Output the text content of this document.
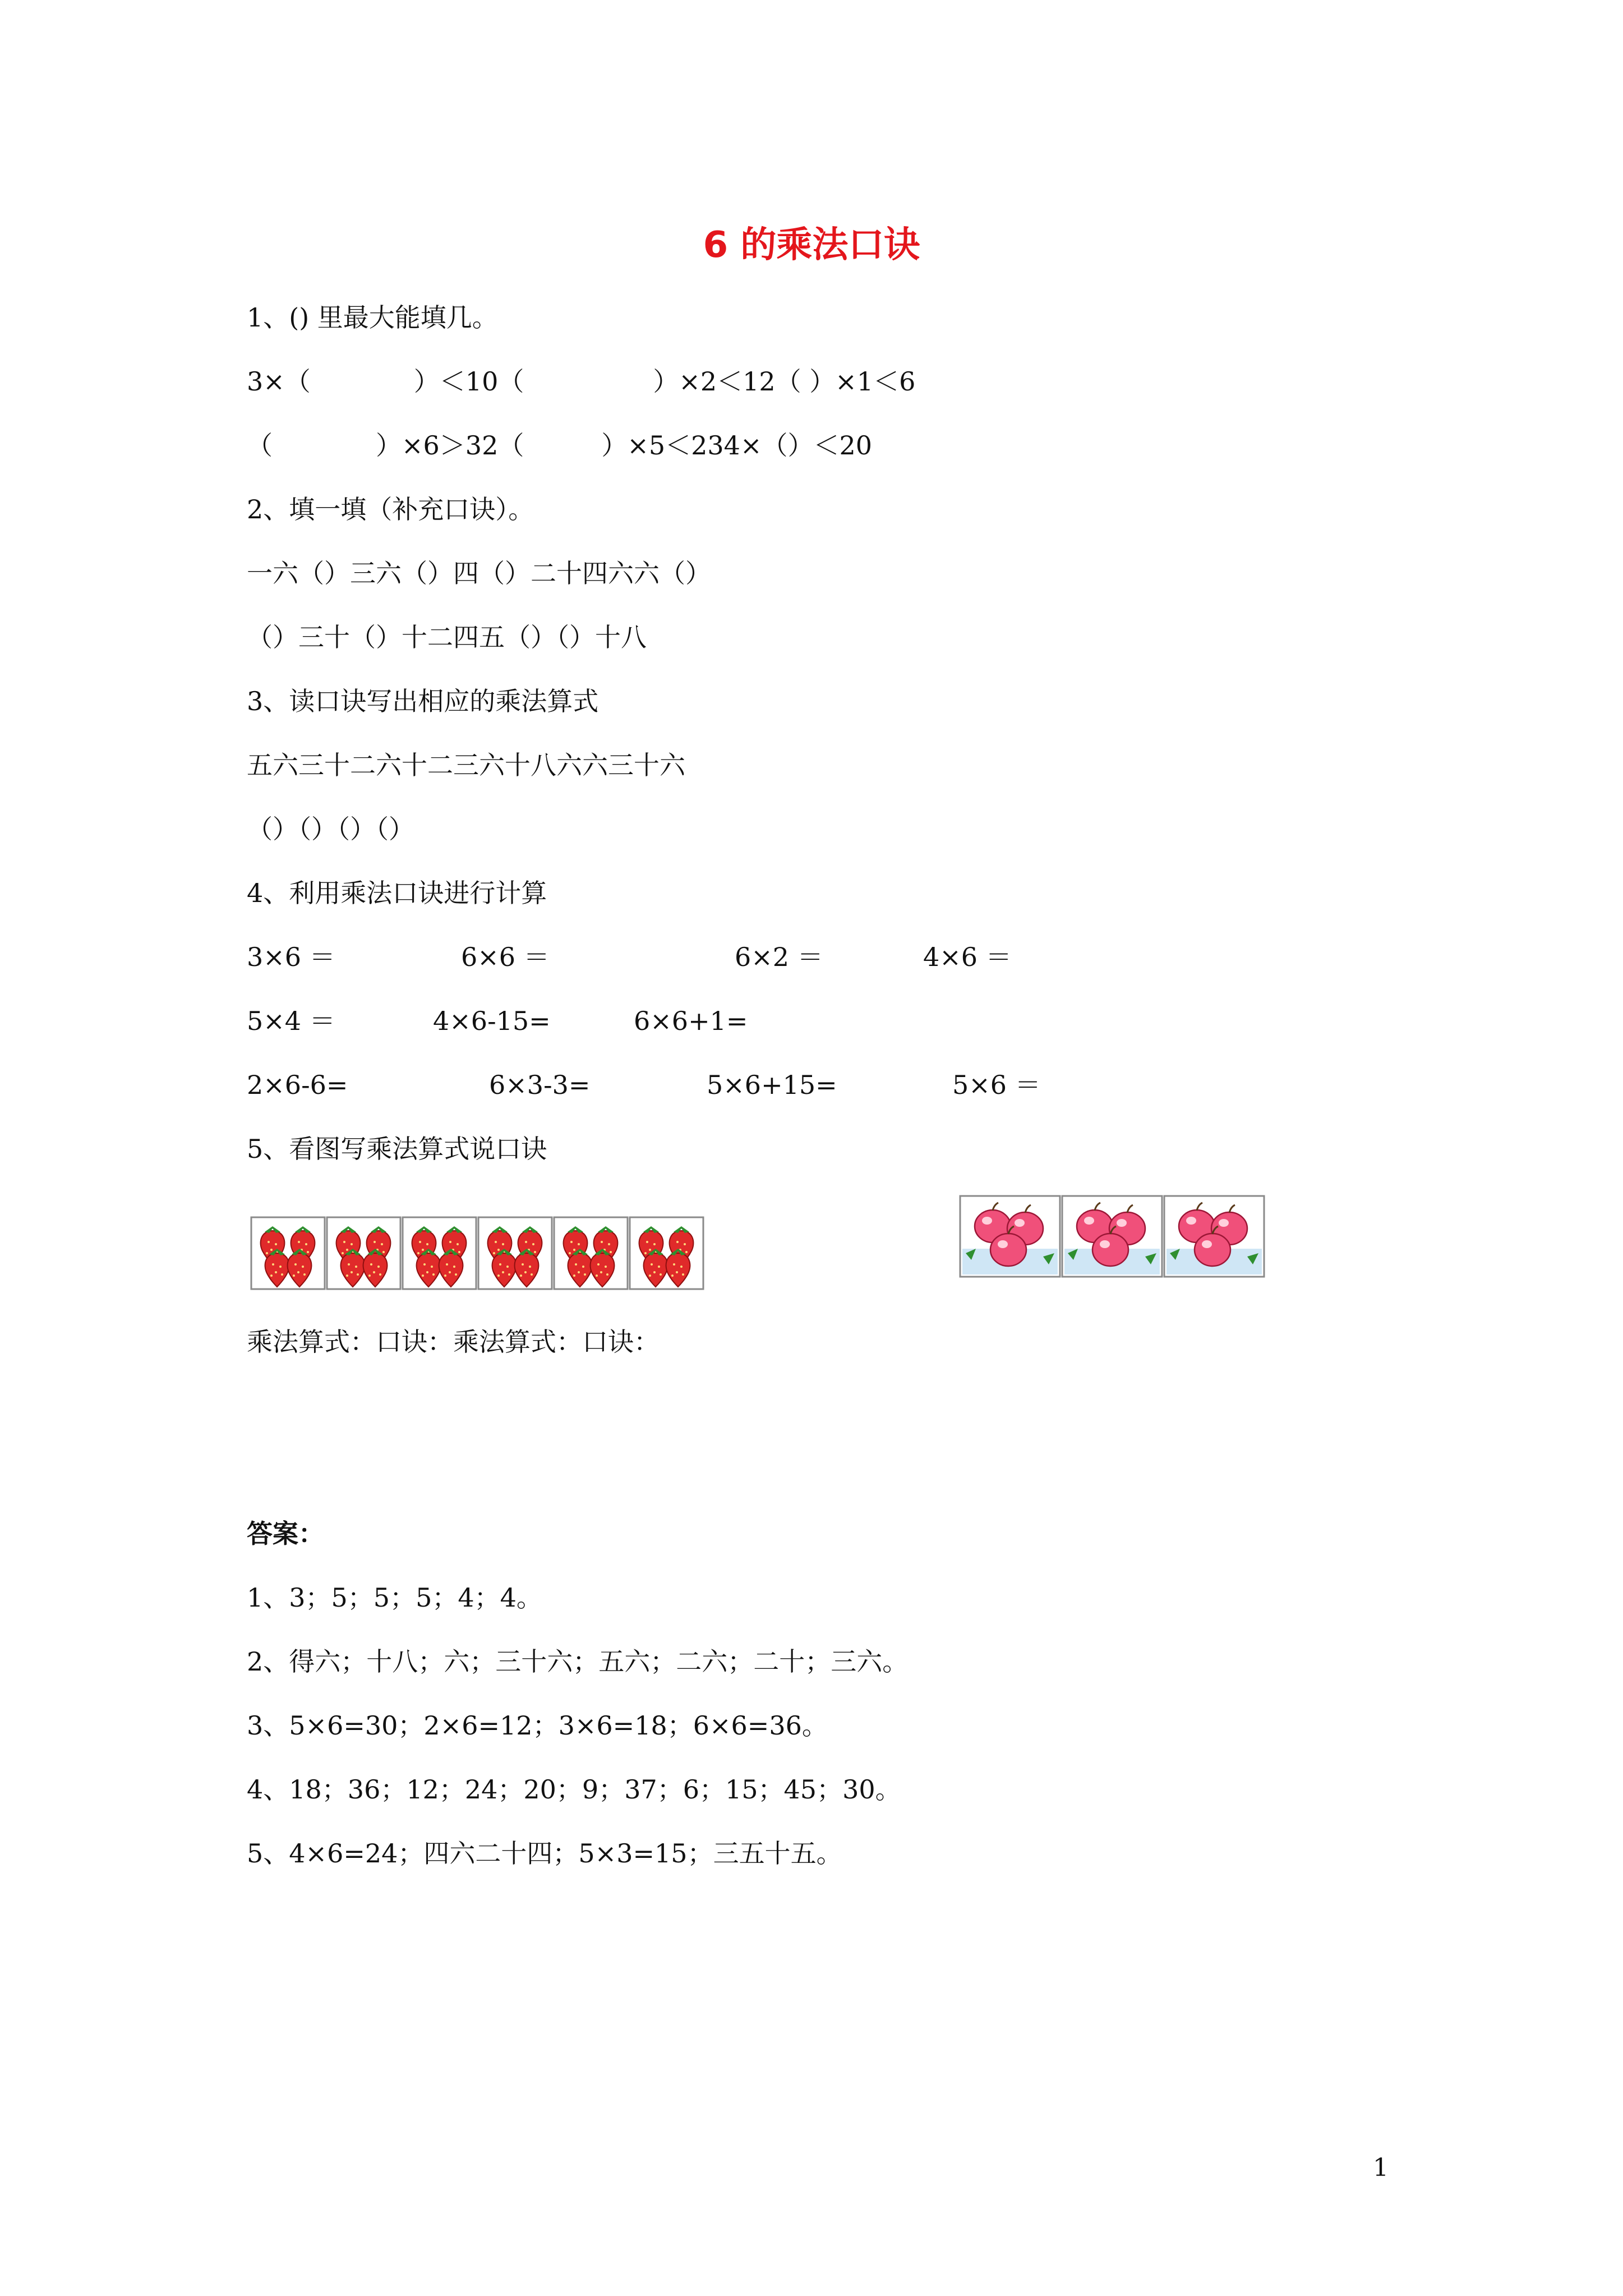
6 的乘法口诀
1、() 里最大能填几。
3×（　　　　）＜10（　　　　　）×2＜12（ ）×1＜6
（　　　　）×6＞32（　　　）×5＜234×（）＜20
2、填一填（补充口诀）。
一六（）三六（）四（）二十四六六（）
（）三十（）十二四五（）（）十八
3、读口诀写出相应的乘法算式
五六三十二六十二三六十八六六三十六
（）（）（）（）
4、利用乘法口诀进行计算
3×6 ＝	6×6 ＝	6×2 ＝	4×6 ＝
5×4 ＝	4×6-15=	6×6+1=
2×6-6=	6×3-3=	5×6+15=	5×6 ＝
5、看图写乘法算式说口诀
乘法算式：口诀：乘法算式：口诀：
答案：
1、3；5；5；5；4；4。
2、得六；十八；六；三十六；五六；二六；二十；三六。
3、5×6=30；2×6=12；3×6=18；6×6=36。
4、18；36；12；24；20；9；37；6；15；45；30。
5、4×6=24；四六二十四；5×3=15；三五十五。
1
